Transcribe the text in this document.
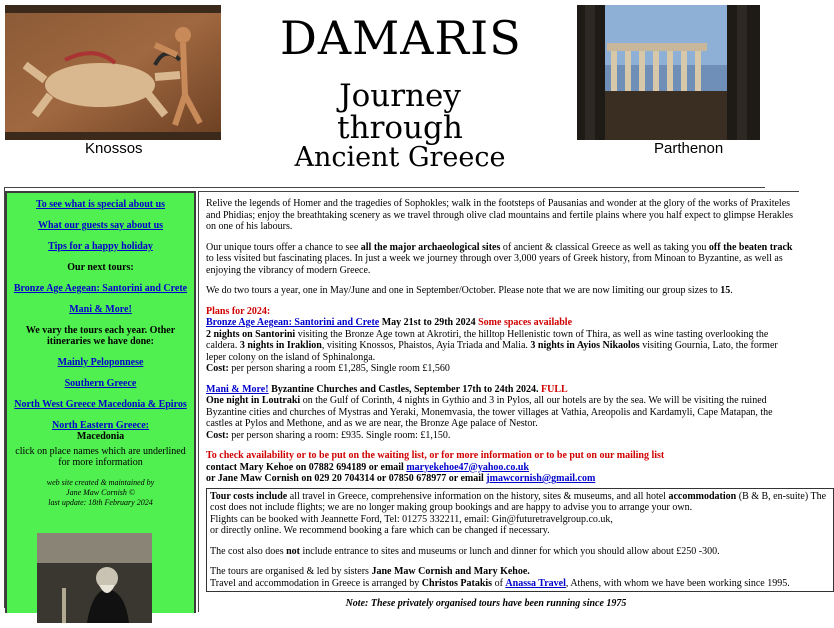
Knossos
DAMARIS
Journey through
Ancient Greece	Parthenon
To see what is special about us
What our guests say about us
Tips for a happy holiday
Our next tours:
Bronze Age Aegean: Santorini and Crete
Mani & More!
We vary the tours each year. Other itineraries we have done:
Mainly Peloponnese
Southern Greece
North West Greece Macedonia & Epiros
North Eastern Greece:
Macedonia
click on place names which are underlined for more information
web site created & maintained by
Jane Maw Cornish ©
last update: 18th February 2024

Relive the legends of Homer and the tragedies of Sophokles; walk in the footsteps of Pausanias and wonder at the glory of the works of Praxiteles and Phidias; enjoy the breathtaking scenery as we travel through olive clad mountains and fertile plains where you half expect to glimpse Herakles on one of his labours.

Our unique tours offer a chance to see all the major archaeological sites of ancient & classical Greece as well as taking you off the beaten track to less visited but fascinating places. In just a week we journey through over 3,000 years of Greek history, from Minoan to Byzantine, as well as enjoying the vibrancy of modern Greece.

We do two tours a year, one in May/June and one in September/October. Please note that we are now limiting our group sizes to 15.

Plans for 2024:
Bronze Age Aegean: Santorini and Crete May 21st to 29th 2024 Some spaces available
2 nights on Santorini visiting the Bronze Age town at Akrotiri, the hilltop Hellenistic town of Thira, as well as wine tasting overlooking the caldera. 3 nights in Iraklion, visiting Knossos, Phaistos, Ayia Triada and Malia. 3 nights in Ayios Nikaolos visiting Gournia, Lato, the former leper colony on the island of Sphinalonga.
Cost: per person sharing a room £1,285, Single room £1,560
Mani & More! Byzantine Churches and Castles, September 17th to 24th 2024. FULL
One night in Loutraki on the Gulf of Corinth, 4 nights in Gythio and 3 in Pylos, all our hotels are by the sea. We will be visiting the ruined Byzantine cities and churches of Mystras and Yeraki, Monemvasia, the tower villages at Vathia, Areopolis and Kardamyli, Cape Matapan, the castles at Pylos and Methone, and as we are near, the Bronze Age palace of Nestor.
Cost: per person sharing a room: £935. Single room: £1,150.
To check availability or to be put on the waiting list, or for more information or to be put on our mailing list
contact Mary Kehoe on 07882 694189 or email maryekehoe47@yahoo.co.uk
or Jane Maw Cornish on 029 20 704314 or 07850 678977 or email jmawcornish@gmail.com
Tour costs include all travel in Greece, comprehensive information on the history, sites & museums, and all hotel accommodation (B & B, en-suite) The cost does not include flights; we are no longer making group bookings and are happy to advise you to arrange your own.
Flights can be booked with Jeannette Ford, Tel: 01275 332211, email: Gin@futuretravelgroup.co.uk,

or directly online. We recommend booking a fare which can be changed if necessary.

The cost also does not include entrance to sites and museums or lunch and dinner for which you should allow about £250 -300.

The tours are organised & led by sisters Jane Maw Cornish and Mary Kehoe.
Travel and accommodation in Greece is arranged by Christos Patakis of Anassa Travel, Athens, with whom we have been working since 1995.
Note: These privately organised tours have been running since 1975
